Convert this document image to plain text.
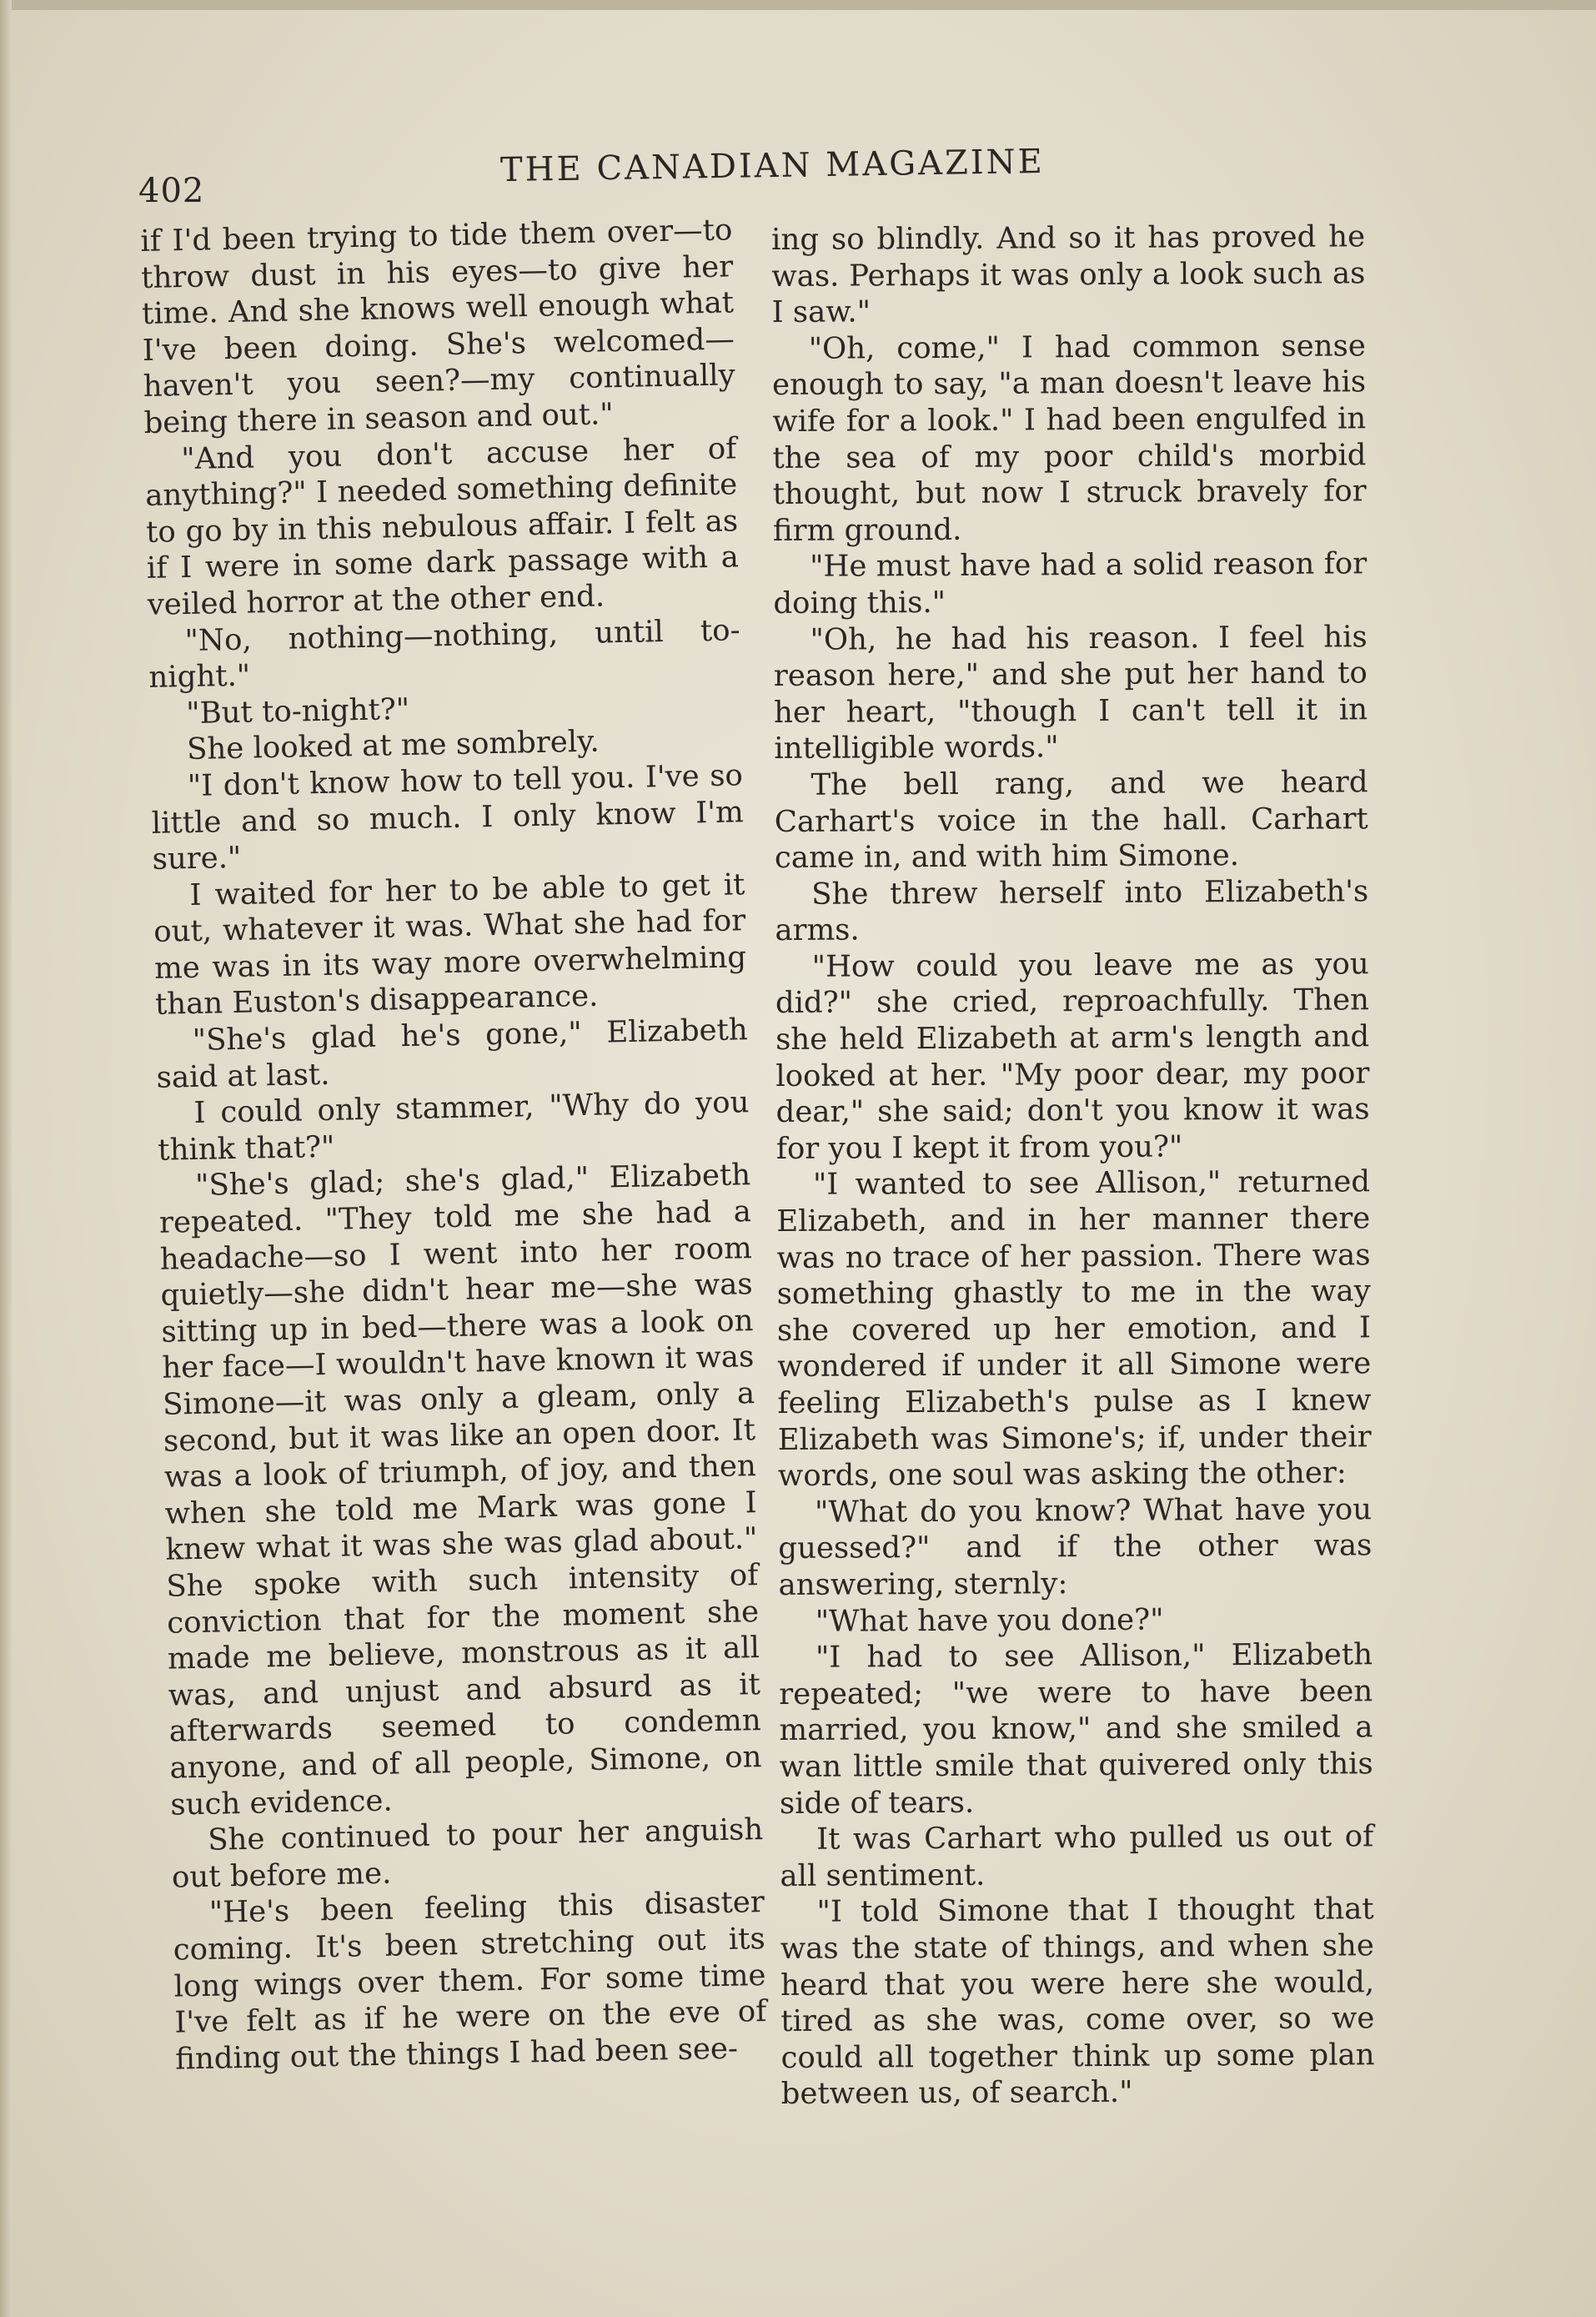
402
THE CANADIAN MAGAZINE

if I'd been trying to tide them over—to throw dust in his eyes—to give her time. And she knows well enough what I've been doing. She's welcomed—haven't you seen?—my continually being there in season and out."

"And you don't accuse her of anything?" I needed something definite to go by in this nebulous affair. I felt as if I were in some dark passage with a veiled horror at the other end.

"No, nothing—nothing, until to-night."

"But to-night?"

She looked at me sombrely.

"I don't know how to tell you. I've so little and so much. I only know I'm sure."

I waited for her to be able to get it out, whatever it was. What she had for me was in its way more overwhelming than Euston's disappearance.

"She's glad he's gone," Elizabeth said at last.

I could only stammer, "Why do you think that?"

"She's glad; she's glad," Elizabeth repeated. "They told me she had a headache—so I went into her room quietly—she didn't hear me—she was sitting up in bed—there was a look on her face—I wouldn't have known it was Simone—it was only a gleam, only a second, but it was like an open door. It was a look of triumph, of joy, and then when she told me Mark was gone I knew what it was she was glad about." She spoke with such intensity of conviction that for the moment she made me believe, monstrous as it all was, and unjust and absurd as it afterwards seemed to condemn anyone, and of all people, Simone, on such evidence.

She continued to pour her anguish out before me.

"He's been feeling this disaster coming. It's been stretching out its long wings over them. For some time I've felt as if he were on the eve of finding out the things I had been see-

ing so blindly. And so it has proved he was. Perhaps it was only a look such as I saw."

"Oh, come," I had common sense enough to say, "a man doesn't leave his wife for a look." I had been engulfed in the sea of my poor child's morbid thought, but now I struck bravely for firm ground.

"He must have had a solid reason for doing this."

"Oh, he had his reason. I feel his reason here," and she put her hand to her heart, "though I can't tell it in intelligible words."

The bell rang, and we heard Carhart's voice in the hall. Carhart came in, and with him Simone.

She threw herself into Elizabeth's arms.

"How could you leave me as you did?" she cried, reproachfully. Then she held Elizabeth at arm's length and looked at her. "My poor dear, my poor dear," she said; don't you know it was for you I kept it from you?"

"I wanted to see Allison," returned Elizabeth, and in her manner there was no trace of her passion. There was something ghastly to me in the way she covered up her emotion, and I wondered if under it all Simone were feeling Elizabeth's pulse as I knew Elizabeth was Simone's; if, under their words, one soul was asking the other:

"What do you know? What have you guessed?" and if the other was answering, sternly:

"What have you done?"

"I had to see Allison," Elizabeth repeated; "we were to have been married, you know," and she smiled a wan little smile that quivered only this side of tears.

It was Carhart who pulled us out of all sentiment.

"I told Simone that I thought that was the state of things, and when she heard that you were here she would, tired as she was, come over, so we could all together think up some plan between us, of search."
